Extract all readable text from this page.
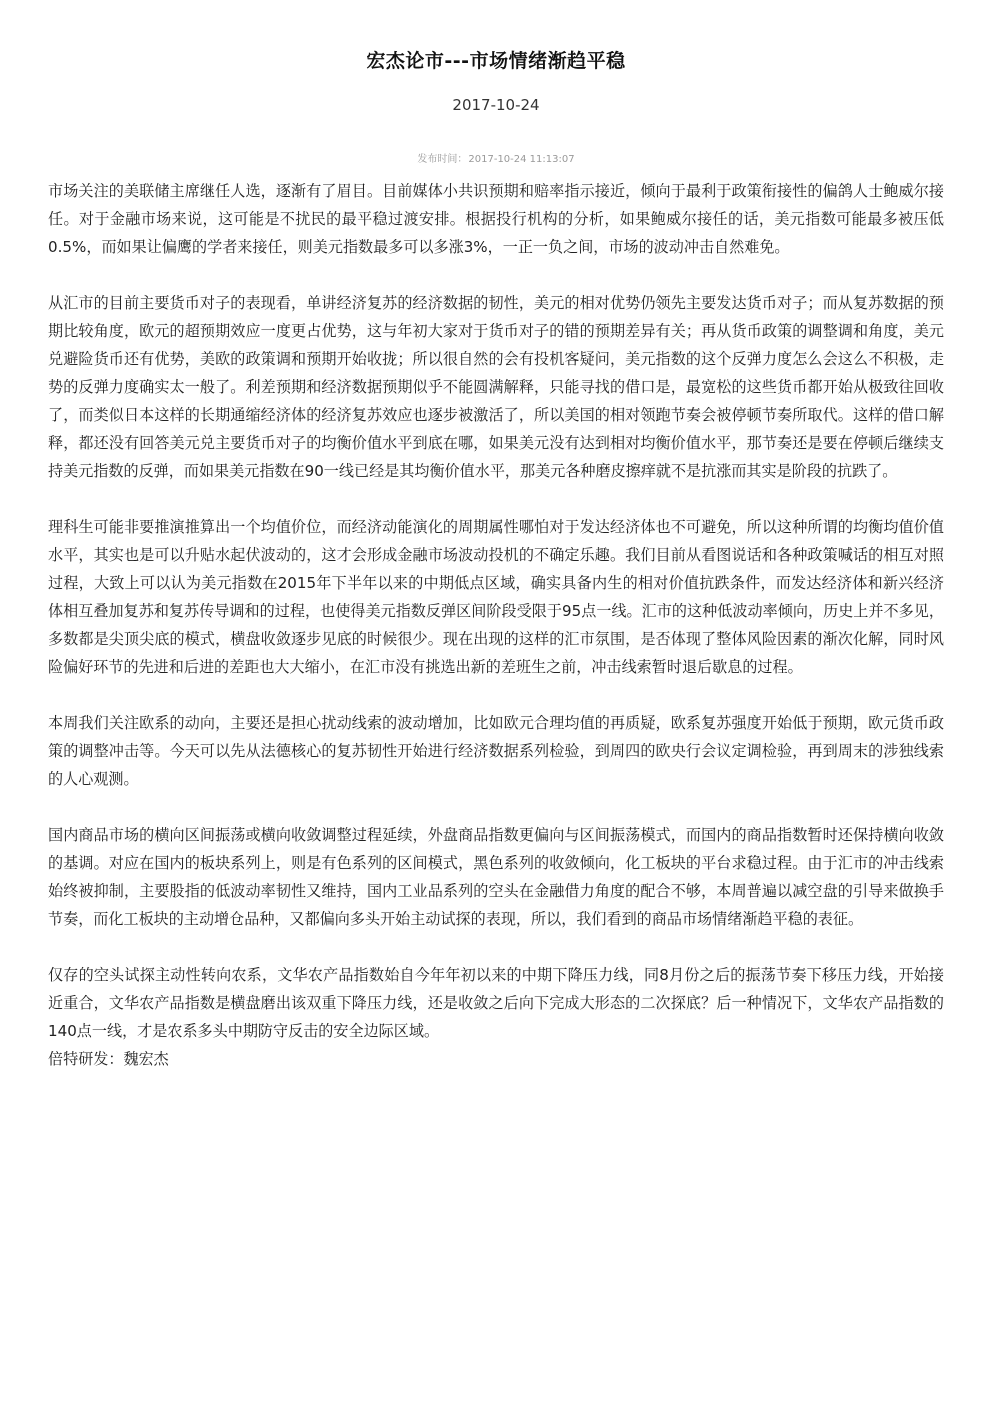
宏杰论市---市场情绪渐趋平稳
2017-10-24
发布时间：2017-10-24 11:13:07

市场关注的美联储主席继任人选，逐渐有了眉目。目前媒体小共识预期和赔率指示接近，倾向于最利于政策衔接性的偏鸽人士鲍威尔接任。对于金融市场来说，这可能是不扰民的最平稳过渡安排。根据投行机构的分析，如果鲍威尔接任的话，美元指数可能最多被压低0.5%，而如果让偏鹰的学者来接任，则美元指数最多可以多涨3%，一正一负之间，市场的波动冲击自然难免。

从汇市的目前主要货币对子的表现看，单讲经济复苏的经济数据的韧性，美元的相对优势仍领先主要发达货币对子；而从复苏数据的预期比较角度，欧元的超预期效应一度更占优势，这与年初大家对于货币对子的错的预期差异有关；再从货币政策的调整调和角度，美元兑避险货币还有优势，美欧的政策调和预期开始收拢；所以很自然的会有投机客疑问，美元指数的这个反弹力度怎么会这么不积极，走势的反弹力度确实太一般了。利差预期和经济数据预期似乎不能圆满解释，只能寻找的借口是，最宽松的这些货币都开始从极致往回收了，而类似日本这样的长期通缩经济体的经济复苏效应也逐步被激活了，所以美国的相对领跑节奏会被停顿节奏所取代。这样的借口解释，都还没有回答美元兑主要货币对子的均衡价值水平到底在哪，如果美元没有达到相对均衡价值水平，那节奏还是要在停顿后继续支持美元指数的反弹，而如果美元指数在90一线已经是其均衡价值水平，那美元各种磨皮擦痒就不是抗涨而其实是阶段的抗跌了。

理科生可能非要推演推算出一个均值价位，而经济动能演化的周期属性哪怕对于发达经济体也不可避免，所以这种所谓的均衡均值价值水平，其实也是可以升贴水起伏波动的，这才会形成金融市场波动投机的不确定乐趣。我们目前从看图说话和各种政策喊话的相互对照过程，大致上可以认为美元指数在2015年下半年以来的中期低点区域，确实具备内生的相对价值抗跌条件，而发达经济体和新兴经济体相互叠加复苏和复苏传导调和的过程，也使得美元指数反弹区间阶段受限于95点一线。汇市的这种低波动率倾向，历史上并不多见，多数都是尖顶尖底的模式，横盘收敛逐步见底的时候很少。现在出现的这样的汇市氛围，是否体现了整体风险因素的渐次化解，同时风险偏好环节的先进和后进的差距也大大缩小，在汇市没有挑选出新的差班生之前，冲击线索暂时退后歇息的过程。

本周我们关注欧系的动向，主要还是担心扰动线索的波动增加，比如欧元合理均值的再质疑，欧系复苏强度开始低于预期，欧元货币政策的调整冲击等。今天可以先从法德核心的复苏韧性开始进行经济数据系列检验，到周四的欧央行会议定调检验，再到周末的涉独线索的人心观测。

国内商品市场的横向区间振荡或横向收敛调整过程延续，外盘商品指数更偏向与区间振荡模式，而国内的商品指数暂时还保持横向收敛的基调。对应在国内的板块系列上，则是有色系列的区间模式，黑色系列的收敛倾向，化工板块的平台求稳过程。由于汇市的冲击线索始终被抑制，主要股指的低波动率韧性又维持，国内工业品系列的空头在金融借力角度的配合不够，本周普遍以减空盘的引导来做换手节奏，而化工板块的主动增仓品种，又都偏向多头开始主动试探的表现，所以，我们看到的商品市场情绪渐趋平稳的表征。

仅存的空头试探主动性转向农系，文华农产品指数始自今年年初以来的中期下降压力线，同8月份之后的振荡节奏下移压力线，开始接近重合，文华农产品指数是横盘磨出该双重下降压力线，还是收敛之后向下完成大形态的二次探底？后一种情况下，文华农产品指数的140点一线，才是农系多头中期防守反击的安全边际区域。

倍特研发：魏宏杰
